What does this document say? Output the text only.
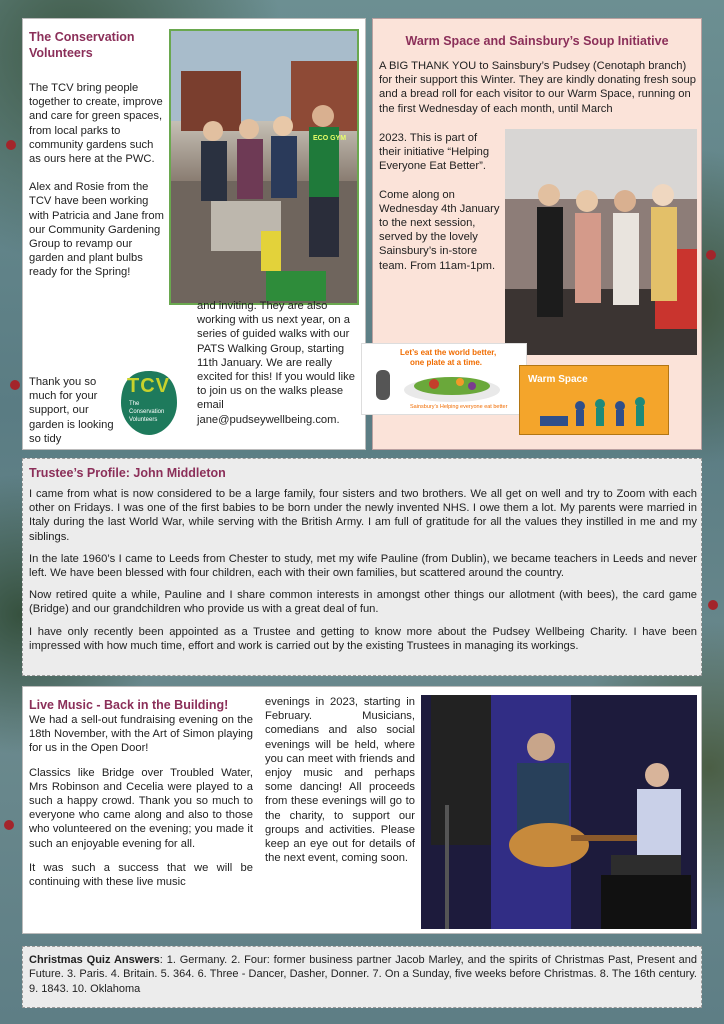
The Conservation Volunteers

The TCV bring people together to create, improve and care for green spaces, from local parks to community gardens such as ours here at the PWC.

Alex and Rosie from the TCV have been working with Patricia and Jane from our Community Gardening Group to revamp our garden and plant bulbs ready for the Spring!

Thank you so much for your support, our garden is looking so tidy
ECO GYM
TCV
The
Conservation
Volunteers
and inviting. They are also working with us next year, on a series of guided walks with our PATS Walking Group, starting 11th January. We are really excited for this! If you would like to join us on the walks please email jane@pudseywellbeing.com.
Warm Space and Sainsbury’s Soup Initiative
A BIG THANK YOU to Sainsbury’s Pudsey (Cenotaph branch) for their support this Winter. They are kindly donating fresh soup and a bread roll for each visitor to our Warm Space, running on the first Wednesday of each month, until March

2023. This is part of their initiative “Helping Everyone Eat Better”.

Come along on Wednesday 4th January to the next session, served by the lovely Sainsbury’s in-store team. From 11am-1pm.

Let’s eat the world better,
one plate at a time.
Sainsbury’s Helping everyone eat better
Warm Space
Trustee’s Profile: John Middleton

I came from what is now considered to be a large family, four sisters and two brothers. We all get on well and try to Zoom with each other on Fridays. I was one of the first babies to be born under the newly invented NHS. I owe them a lot. My parents were married in Italy during the last World War, while serving with the British Army. I am full of gratitude for all the values they instilled in me and my siblings.

In the late 1960’s I came to Leeds from Chester to study, met my wife Pauline (from Dublin), we became teachers in Leeds and never left. We have been blessed with four children, each with their own families, but scattered around the country.

Now retired quite a while, Pauline and I share common interests in amongst other things our allotment (with bees), the card game (Bridge) and our grandchildren who provide us with a great deal of fun.

I have only recently been appointed as a Trustee and getting to know more about the Pudsey Wellbeing Charity. I have been impressed with how much time, effort and work is carried out by the existing Trustees in managing its workings.

Live Music - Back in the Building!

We had a sell-out fundraising evening on the 18th November, with the Art of Simon playing for us in the Open Door!

Classics like Bridge over Troubled Water, Mrs Robinson and Cecelia were played to a such a happy crowd. Thank you so much to everyone who came along and also to those who volunteered on the evening; you made it such an enjoyable evening for all.

It was such a success that we will be continuing with these live music

evenings in 2023, starting in February. Musicians, comedians and also social evenings will be held, where you can meet with friends and enjoy music and perhaps some dancing! All proceeds from these evenings will go to the charity, to support our groups and activities. Please keep an eye out for details of the next event, coming soon.
Christmas Quiz Answers: 1. Germany. 2. Four: former business partner Jacob Marley, and the spirits of Christmas Past, Present and Future. 3. Paris. 4. Britain. 5. 364. 6. Three - Dancer, Dasher, Donner. 7. On a Sunday, five weeks before Christmas. 8. The 16th century. 9. 1843. 10. Oklahoma
